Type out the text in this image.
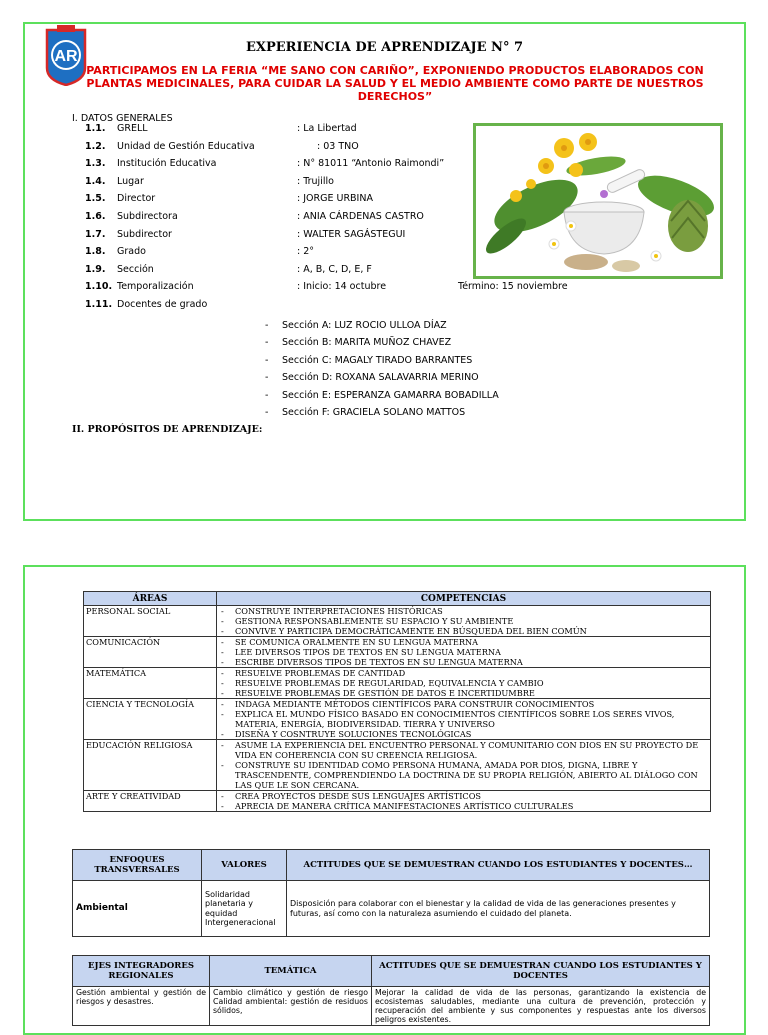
AR
EXPERIENCIA DE APRENDIZAJE N° 7
PARTICIPAMOS EN LA FERIA “ME SANO CON CARIÑO”, EXPONIENDO PRODUCTOS ELABORADOS CON PLANTAS MEDICINALES, PARA CUIDAR LA SALUD Y EL MEDIO AMBIENTE COMO PARTE DE NUESTROS DERECHOS”
I. DATOS GENERALES
II. PROPÓSITOS DE APRENDIZAJE:
1.1. GRELL	: La Libertad
1.2. Unidad de Gestión Educativa	: 03 TNO
1.3. Institución Educativa	: N° 81011 “Antonio Raimondi”
1.4. Lugar	: Trujillo
1.5. Director	: JORGE URBINA
1.6. Subdirectora	: ANIA CÁRDENAS CASTRO
1.7. Subdirector	: WALTER SAGÁSTEGUI
1.8. Grado	: 2°
1.9. Sección	: A, B, C, D, E, F
1.10. Temporalización	: Inicio: 14 octubre	Término: 15 noviembre
1.11. Docentes de grado
- Sección A: LUZ ROCIO ULLOA DÍAZ
- Sección B: MARITA MUÑOZ CHAVEZ
- Sección C: MAGALY TIRADO BARRANTES
- Sección D: ROXANA SALAVARRIA MERINO
- Sección E: ESPERANZA GAMARRA BOBADILLA
- Sección F: GRACIELA SOLANO MATTOS
ÁREAS	COMPETENCIAS
PERSONAL SOCIAL	- CONSTRUYE INTERPRETACIONES HISTÓRICAS
- GESTIONA RESPONSABLEMENTE SU ESPACIO Y SU AMBIENTE
- CONVIVE Y PARTICIPA DEMOCRÁTICAMENTE EN BÚSQUEDA DEL BIEN COMÚN

COMUNICACIÓN	- SE COMUNICA ORALMENTE EN SU LENGUA MATERNA
- LEE DIVERSOS TIPOS DE TEXTOS EN SU LENGUA MATERNA
- ESCRIBE DIVERSOS TIPOS DE TEXTOS EN SU LENGUA MATERNA

MATEMÁTICA	- RESUELVE PROBLEMAS DE CANTIDAD
- RESUELVE PROBLEMAS DE REGULARIDAD, EQUIVALENCIA Y CAMBIO
- RESUELVE PROBLEMAS DE GESTIÓN DE DATOS E INCERTIDUMBRE

CIENCIA Y TECNOLOGÍA	- INDAGA MEDIANTE MÉTODOS CIENTÍFICOS PARA CONSTRUIR CONOCIMIENTOS
- EXPLICA EL MUNDO FÍSICO BASADO EN CONOCIMIENTOS CIENTÍFICOS SOBRE LOS SERES VIVOS, MATERIA, ENERGÍA, BIODIVERSIDAD. TIERRA Y UNIVERSO
- DISEÑA Y COSNTRUYE SOLUCIONES TECNOLÓGICAS

EDUCACIÓN RELIGIOSA	- ASUME LA EXPERIENCIA DEL ENCUENTRO PERSONAL Y COMUNITARIO CON DIOS EN SU PROYECTO DE VIDA EN COHERENCIA CON SU CREENCIA RELIGIOSA.
- CONSTRUYE SU IDENTIDAD COMO PERSONA HUMANA, AMADA POR DIOS, DIGNA, LIBRE Y TRASCENDENTE, COMPRENDIENDO LA DOCTRINA DE SU PROPIA RELIGIÓN, ABIERTO AL DIÁLOGO CON LAS QUE LE SON CERCANA.

ARTE Y CREATIVIDAD	- CREA PROYECTOS DESDE SUS LENGUAJES ARTÍSTICOS
- APRECIA DE MANERA CRÍTICA MANIFESTACIONES ARTÍSTICO CULTURALES
ENFOQUES TRANSVERSALES	VALORES	ACTITUDES QUE SE DEMUESTRAN CUANDO LOS ESTUDIANTES Y DOCENTES…
Ambiental	Solidaridad planetaria y equidad Intergeneracional	Disposición para colaborar con el bienestar y la calidad de vida de las generaciones presentes y futuras, así como con la naturaleza asumiendo el cuidado del planeta.
EJES INTEGRADORES REGIONALES	TEMÁTICA	ACTITUDES QUE SE DEMUESTRAN CUANDO LOS ESTUDIANTES Y DOCENTES
Gestión ambiental y gestión de riesgos y desastres.	Cambio climático y gestión de riesgo Calidad ambiental: gestión de residuos sólidos,	Mejorar la calidad de vida de las personas, garantizando la existencia de ecosistemas saludables, mediante una cultura de prevención, protección y recuperación del ambiente y sus componentes y respuestas ante los diversos peligros existentes.
